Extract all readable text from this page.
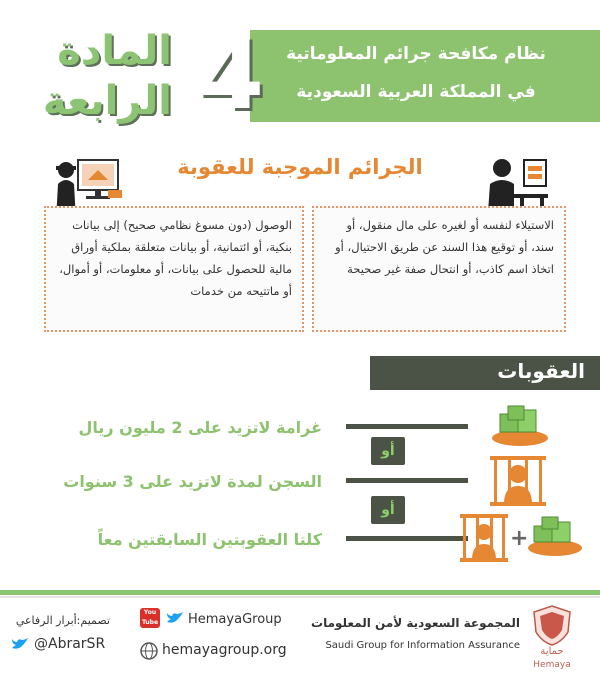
المادة
الرابعة 4	نظام مكافحة جرائم المعلوماتية
في المملكة العربية السعودية
الجرائم الموجبة للعقوبة
الوصول (دون مسوغ نظامي صحيح) إلى بيانات بنكية، أو ائتمانية، أو بيانات متعلقة بملكية أوراق مالية للحصول على بيانات، أو معلومات، أو أموال، أو ماتتيحه من خدمات
الاستيلاء لنفسه أو لغيره على مال منقول، أو سند، أو توقيع هذا السند عن طريق الاحتيال، أو اتخاذ اسم كاذب، أو انتحال صفة غير صحيحة
العقوبات
أو
أو
غرامة لاتزيد على 2 مليون ريال
السجن لمدة لاتزيد على 3 سنوات
كلتا العقوبتين السابقتين معاً	+
تصميم:أبرار الرفاعي
@AbrarSR
You Tube HemayaGroup
hemayagroup.org
المجموعة السعودية لأمن المعلومات
Saudi Group for Information Assurance
حماية
Hemaya
